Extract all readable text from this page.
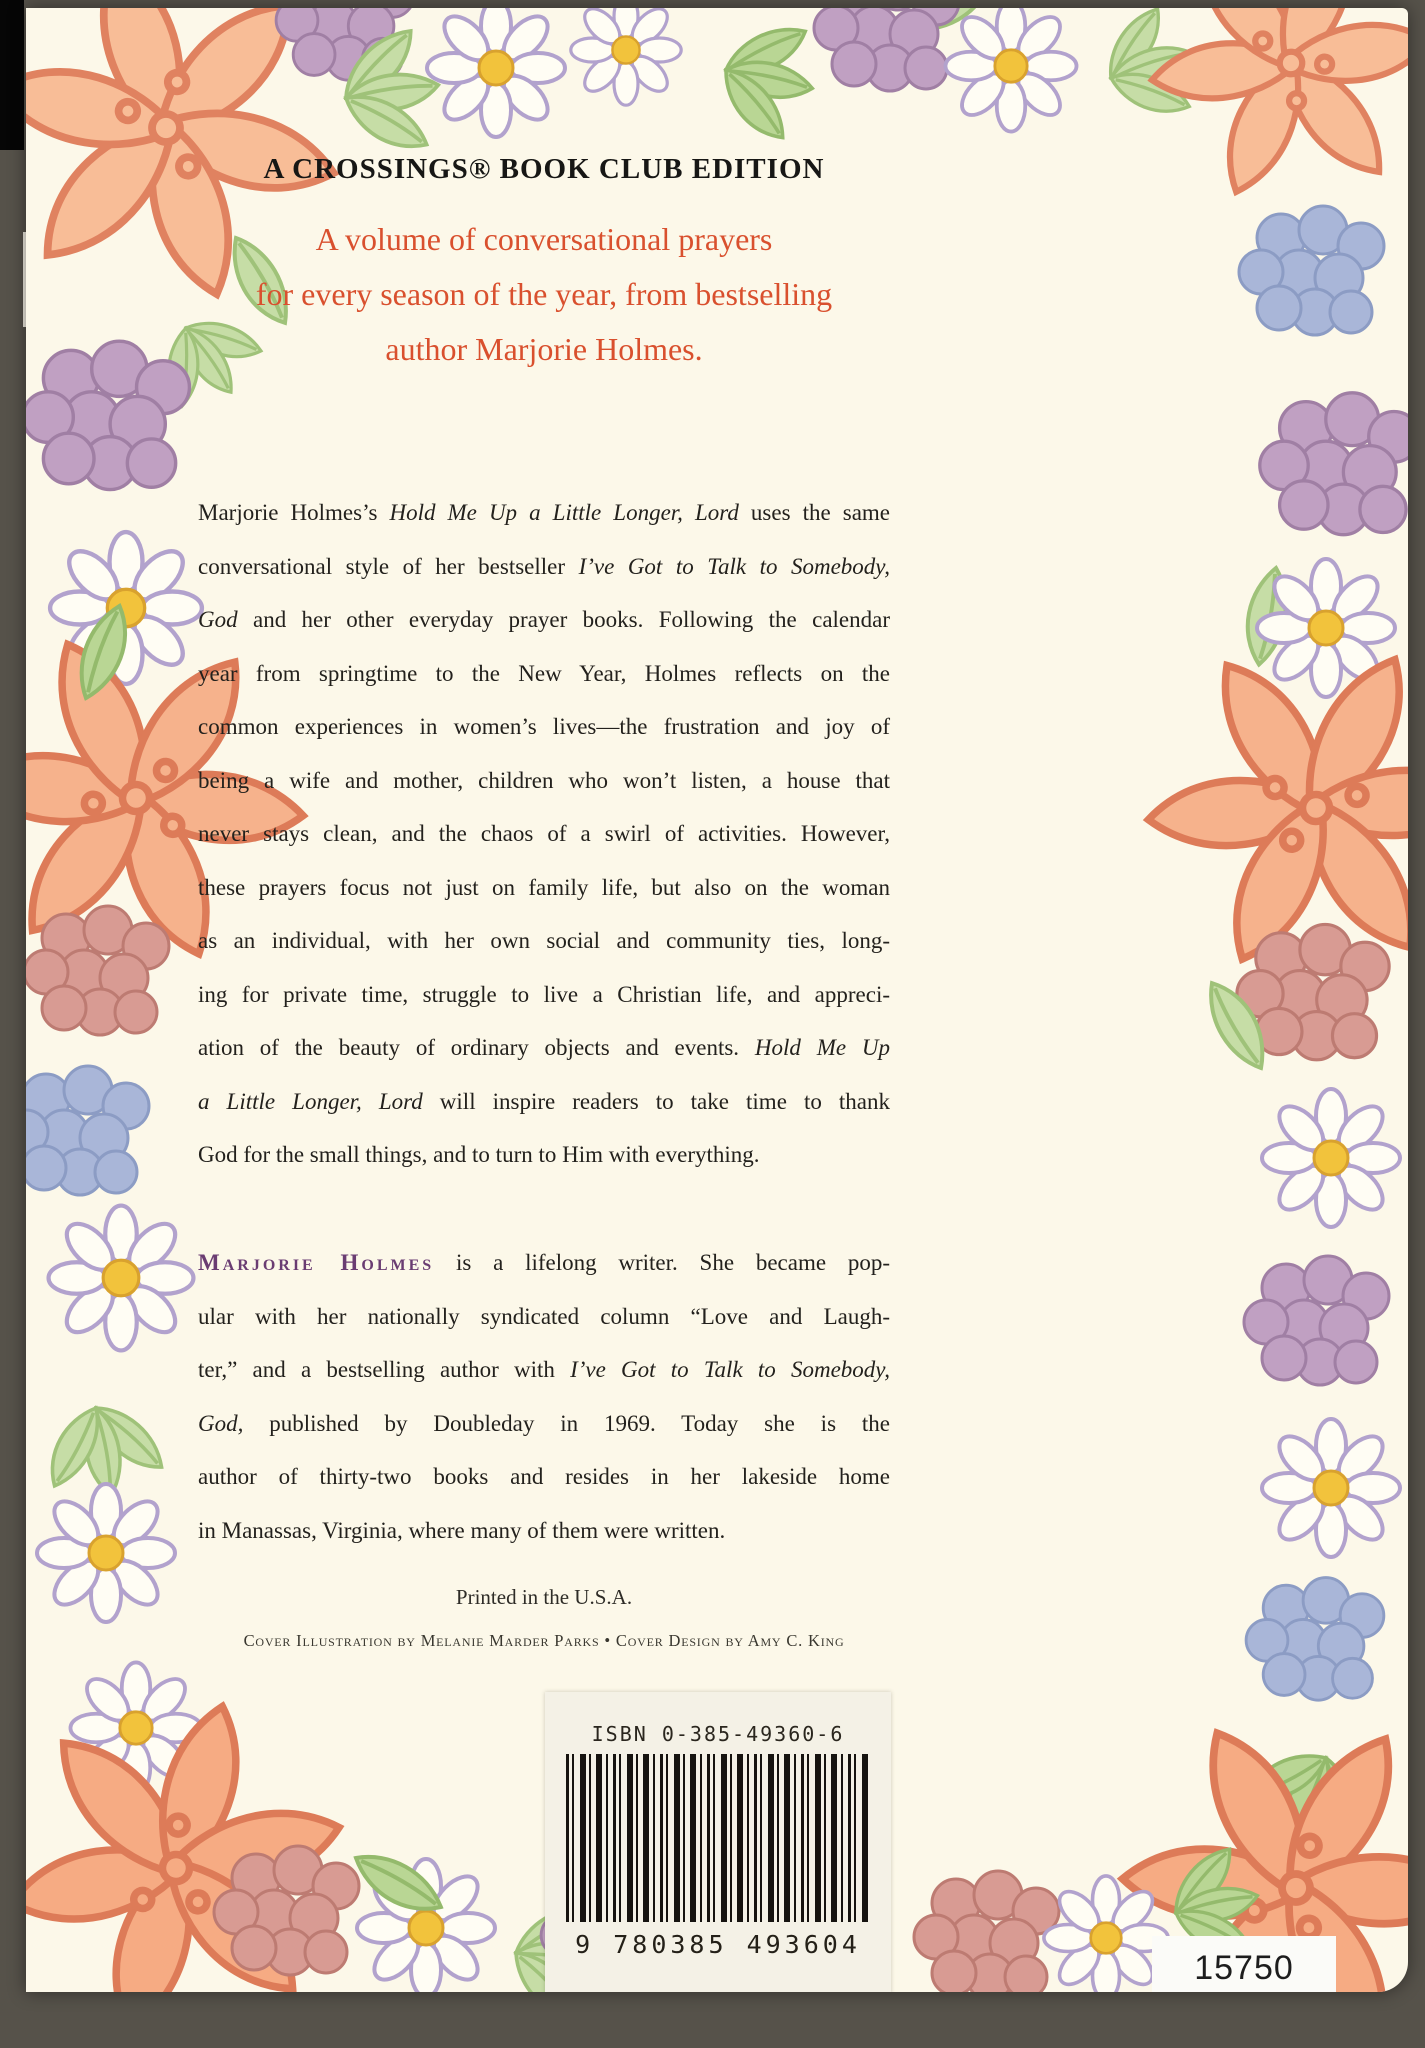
A CROSSINGS® BOOK CLUB EDITION
A volume of conversational prayers
for every season of the year, from bestselling
author Marjorie Holmes.
Marjorie Holmes’s Hold Me Up a Little Longer, Lord uses the same
conversational style of her bestseller I’ve Got to Talk to Somebody,
God and her other everyday prayer books. Following the calendar
year from springtime to the New Year, Holmes reflects on the
common experiences in women’s lives—the frustration and joy of
being a wife and mother, children who won’t listen, a house that
never stays clean, and the chaos of a swirl of activities. However,
these prayers focus not just on family life, but also on the woman
as an individual, with her own social and community ties, long-
ing for private time, struggle to live a Christian life, and appreci-
ation of the beauty of ordinary objects and events. Hold Me Up
a Little Longer, Lord will inspire readers to take time to thank
God for the small things, and to turn to Him with everything.
Marjorie Holmes is a lifelong writer. She became pop-
ular with her nationally syndicated column “Love and Laugh-
ter,” and a bestselling author with I’ve Got to Talk to Somebody,
God, published by Doubleday in 1969. Today she is the
author of thirty-two books and resides in her lakeside home
in Manassas, Virginia, where many of them were written.
Printed in the U.S.A.
Cover Illustration by Melanie Marder Parks • Cover Design by Amy C. King
ISBN 0-385-49360-6
9 780385 493604
15750
